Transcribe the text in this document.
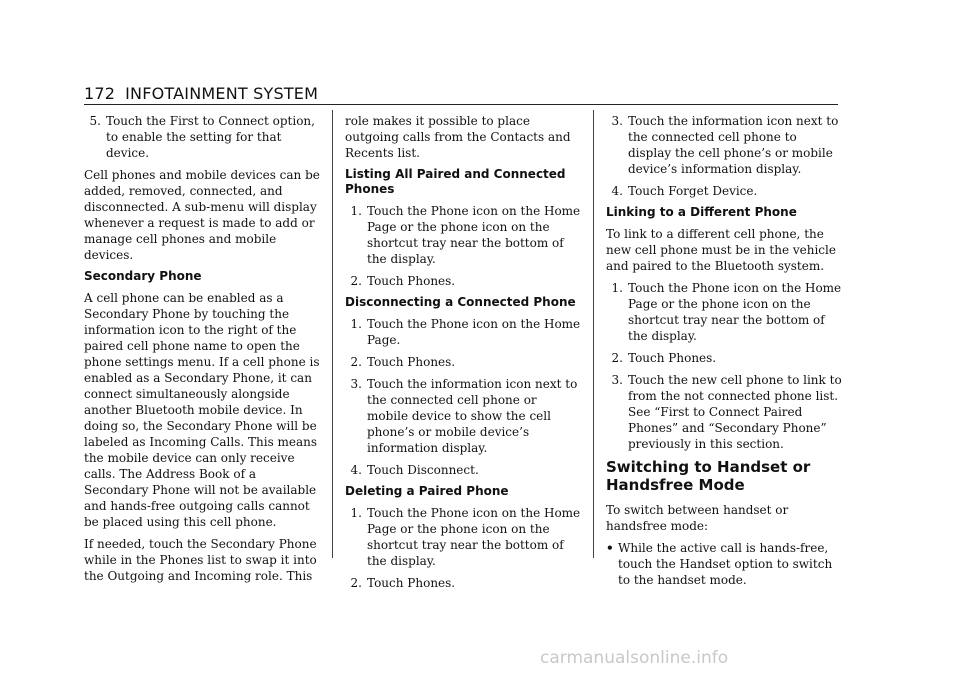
172 INFOTAINMENT SYSTEM
5. Touch the First to Connect option, to enable the setting for that device.

Cell phones and mobile devices can be added, removed, connected, and disconnected. A sub-menu will display whenever a request is made to add or manage cell phones and mobile devices.

Secondary Phone

A cell phone can be enabled as a Secondary Phone by touching the information icon to the right of the paired cell phone name to open the phone settings menu. If a cell phone is enabled as a Secondary Phone, it can connect simultaneously alongside another Bluetooth mobile device. In doing so, the Secondary Phone will be labeled as Incoming Calls. This means the mobile device can only receive calls. The Address Book of a Secondary Phone will not be available and hands-free outgoing calls cannot be placed using this cell phone.

If needed, touch the Secondary Phone while in the Phones list to swap it into the Outgoing and Incoming role. This

role makes it possible to place outgoing calls from the Contacts and Recents list.

Listing All Paired and Connected Phones
1. Touch the Phone icon on the Home Page or the phone icon on the shortcut tray near the bottom of the display.
2. Touch Phones.
Disconnecting a Connected Phone
1. Touch the Phone icon on the Home Page.
2. Touch Phones.
3. Touch the information icon next to the connected cell phone or mobile device to show the cell phone’s or mobile device’s information display.
4. Touch Disconnect.
Deleting a Paired Phone
1. Touch the Phone icon on the Home Page or the phone icon on the shortcut tray near the bottom of the display.
2. Touch Phones.
3. Touch the information icon next to the connected cell phone to display the cell phone’s or mobile device’s information display.
4. Touch Forget Device.
Linking to a Different Phone

To link to a different cell phone, the new cell phone must be in the vehicle and paired to the Bluetooth system.

1. Touch the Phone icon on the Home Page or the phone icon on the shortcut tray near the bottom of the display.
2. Touch Phones.
3. Touch the new cell phone to link to from the not connected phone list. See “First to Connect Paired Phones” and “Secondary Phone” previously in this section.
Switching to Handset or Handsfree Mode

To switch between handset or handsfree mode:

• While the active call is hands-free, touch the Handset option to switch to the handset mode.
carmanualsonline.info
